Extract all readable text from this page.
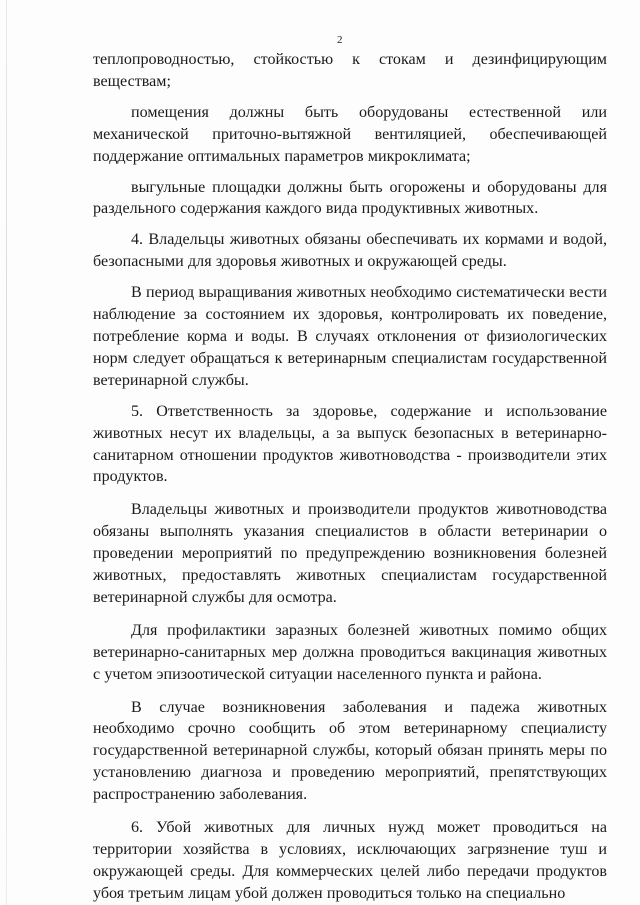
2

теплопроводностью, стойкостью к стокам и дезинфицирующим веществам;

помещения должны быть оборудованы естественной или механической приточно-вытяжной вентиляцией, обеспечивающей поддержание оптимальных параметров микроклимата;

выгульные площадки должны быть огорожены и оборудованы для раздельного содержания каждого вида продуктивных животных.

4. Владельцы животных обязаны обеспечивать их кормами и водой, безопасными для здоровья животных и окружающей среды.

В период выращивания животных необходимо систематически вести наблюдение за состоянием их здоровья, контролировать их поведение, потребление корма и воды. В случаях отклонения от физиологических норм следует обращаться к ветеринарным специалистам государственной ветеринарной службы.

5. Ответственность за здоровье, содержание и использование животных несут их владельцы, а за выпуск безопасных в ветеринарно-санитарном отношении продуктов животноводства - производители этих продуктов.

Владельцы животных и производители продуктов животноводства обязаны выполнять указания специалистов в области ветеринарии о проведении мероприятий по предупреждению возникновения болезней животных, предоставлять животных специалистам государственной ветеринарной службы для осмотра.

Для профилактики заразных болезней животных помимо общих ветеринарно-санитарных мер должна проводиться вакцинация животных с учетом эпизоотической ситуации населенного пункта и района.

В случае возникновения заболевания и падежа животных необходимо срочно сообщить об этом ветеринарному специалисту государственной ветеринарной службы, который обязан принять меры по установлению диагноза и проведению мероприятий, препятствующих распространению заболевания.

6. Убой животных для личных нужд может проводиться на территории хозяйства в условиях, исключающих загрязнение туш и окружающей среды. Для коммерческих целей либо передачи продуктов убоя третьим лицам убой должен проводиться только на специально
